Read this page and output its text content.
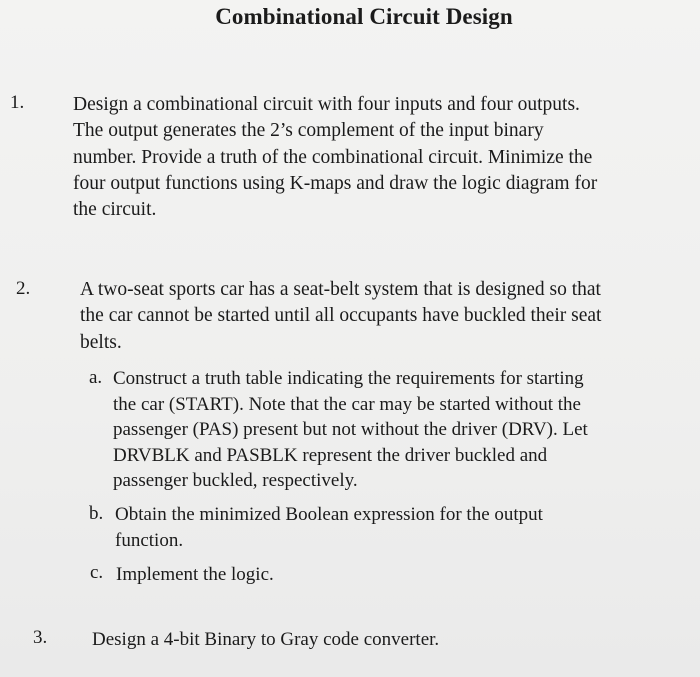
Combinational Circuit Design
1.	Design a combinational circuit with four inputs and four outputs.
The output generates the 2’s complement of the input binary
number. Provide a truth of the combinational circuit. Minimize the
four output functions using K-maps and draw the logic diagram for
the circuit.
2.	A two-seat sports car has a seat-belt system that is designed so that
the car cannot be started until all occupants have buckled their seat
belts.
a. Construct a truth table indicating the requirements for starting
the car (START). Note that the car may be started without the
passenger (PAS) present but not without the driver (DRV). Let
DRVBLK and PASBLK represent the driver buckled and
passenger buckled, respectively.
b. Obtain the minimized Boolean expression for the output
function.
c. Implement the logic.
3. Design a 4-bit Binary to Gray code converter.
